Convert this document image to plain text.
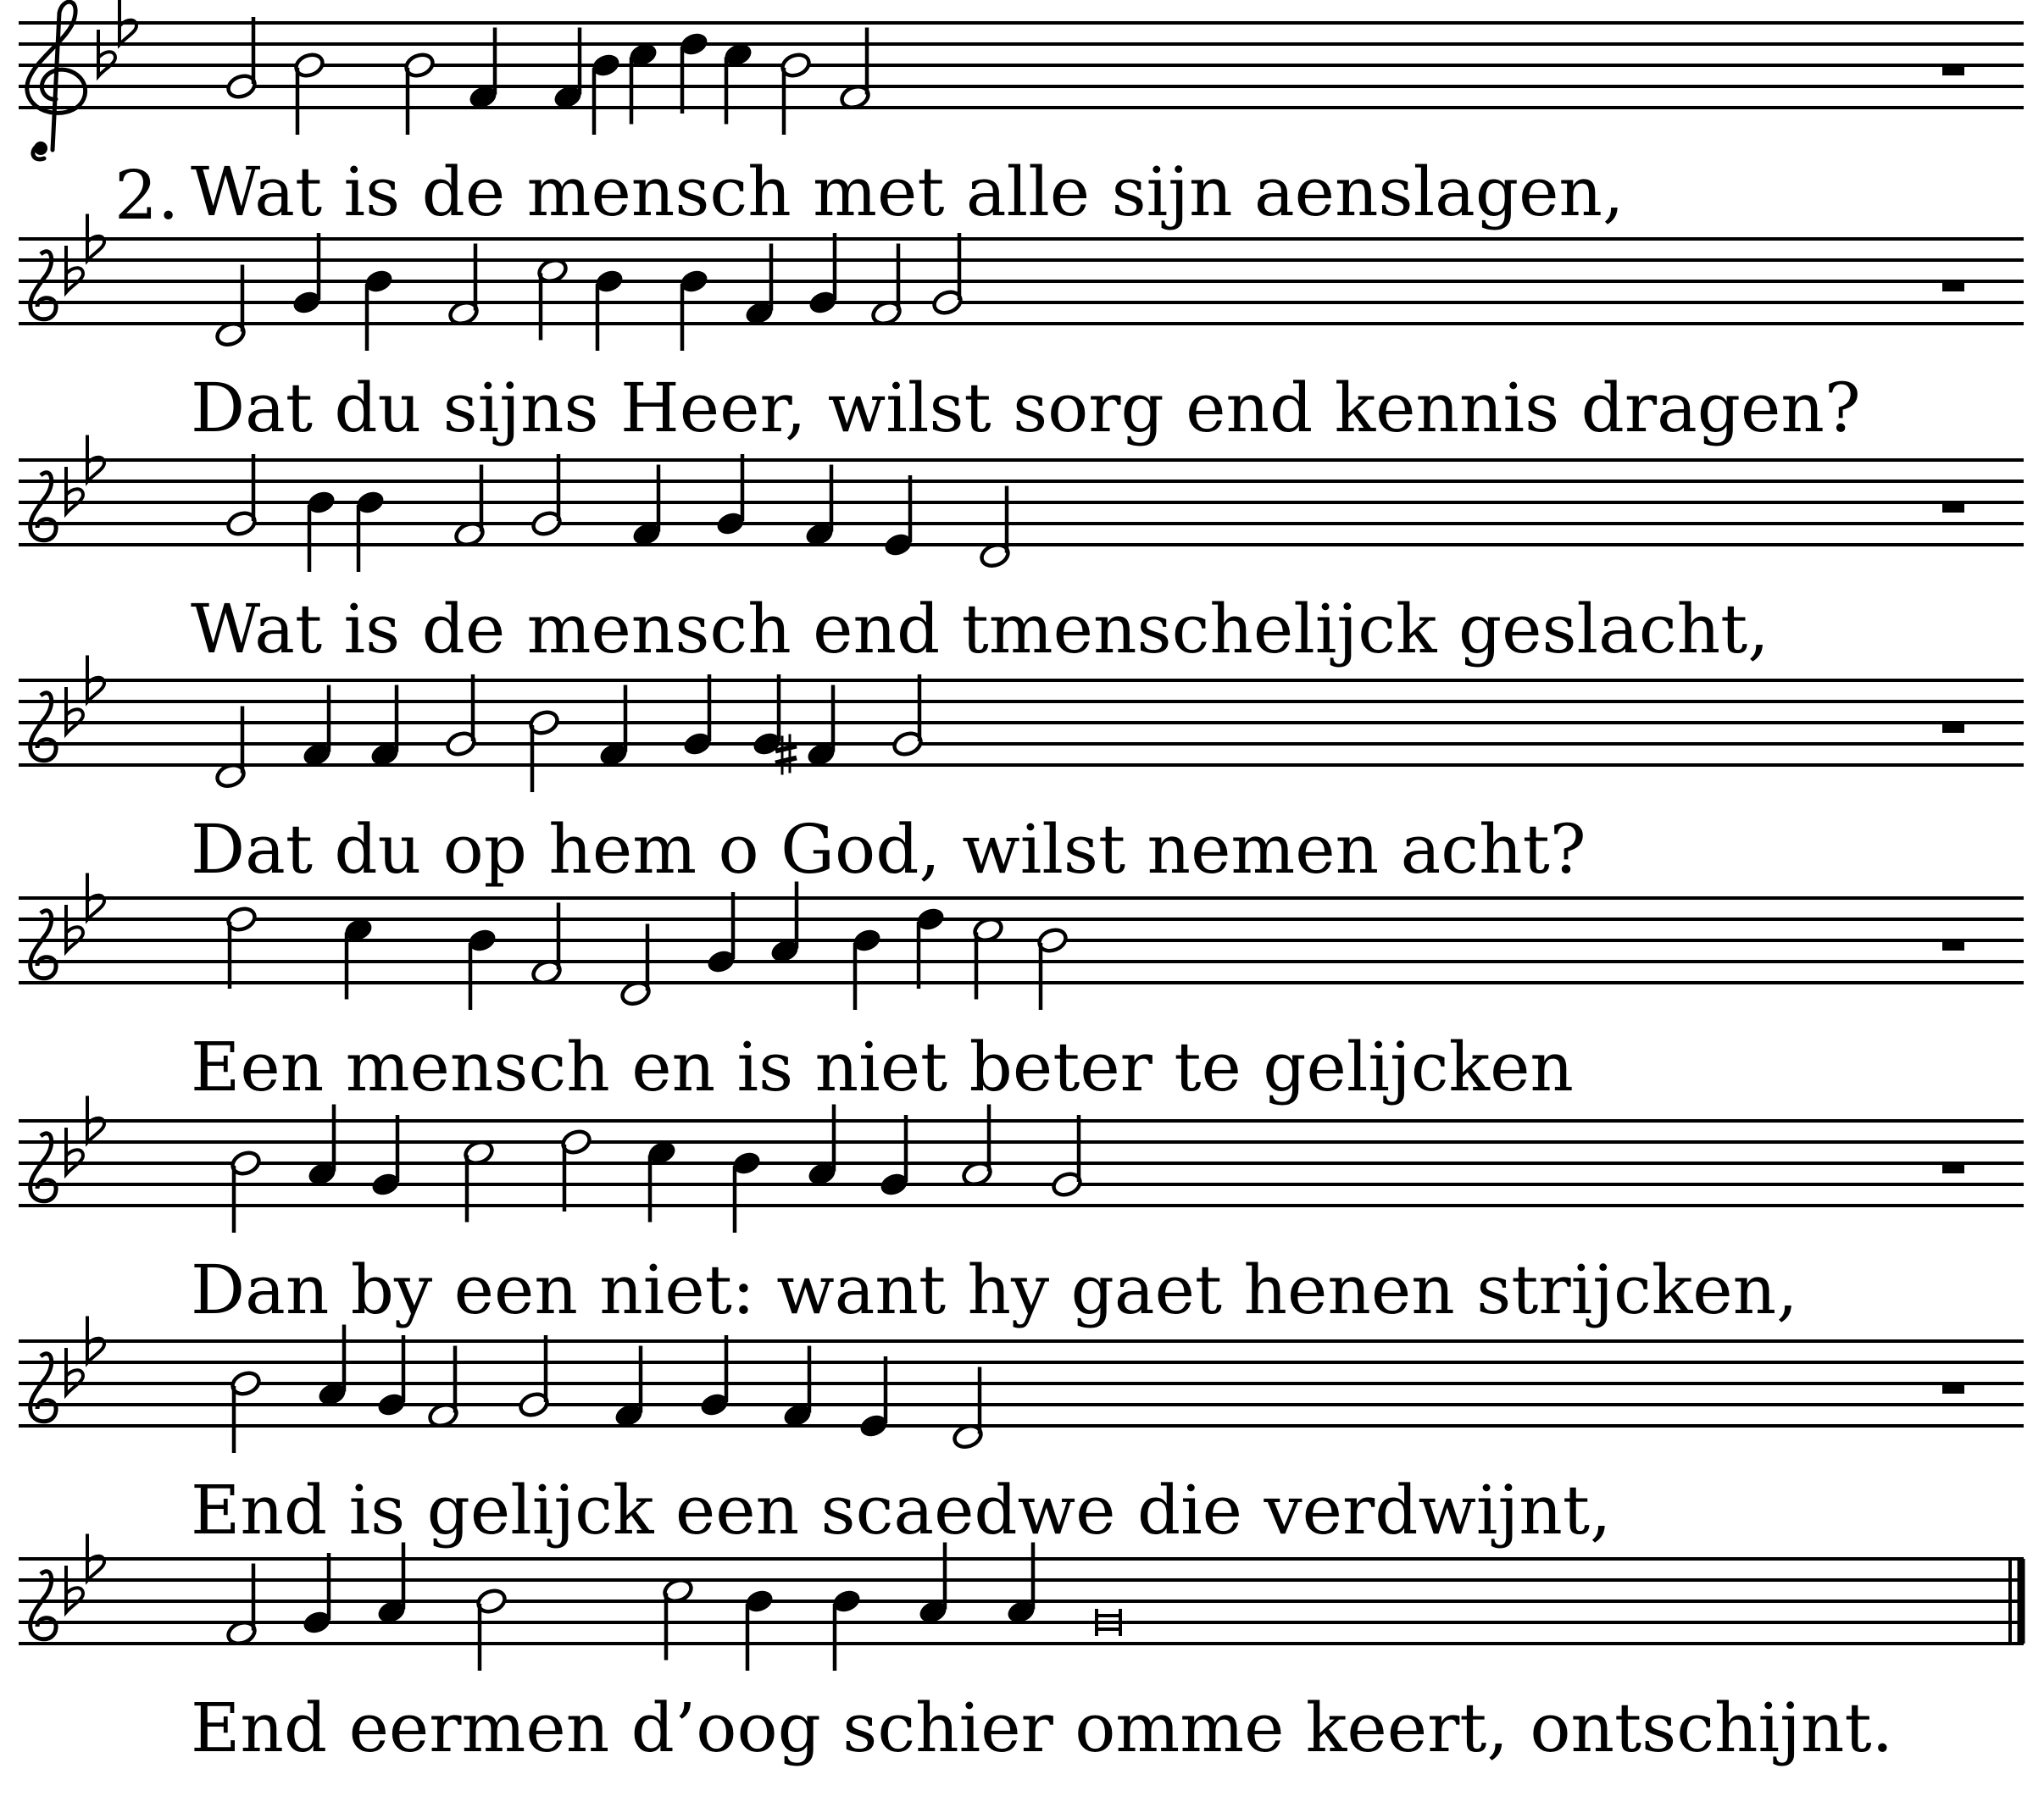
2. Wat is de mensch met alle sijn aenslagen,
Dat du sijns Heer, wilst sorg end kennis dragen?
Wat is de mensch end tmenschelijck geslacht,
Dat du op hem o God, wilst nemen acht?
Een mensch en is niet beter te gelijcken
Dan by een niet: want hy gaet henen strijcken,
End is gelijck een scaedwe die verdwijnt,
End eermen d’oog schier omme keert, ontschijnt.
